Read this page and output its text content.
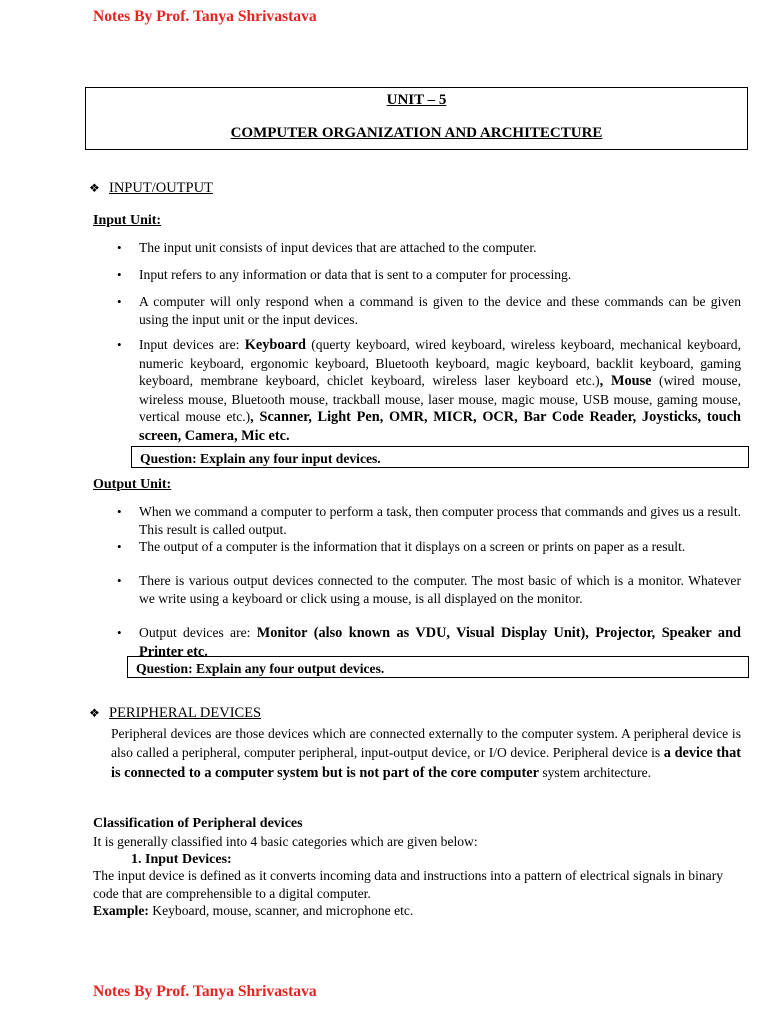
Notes By Prof. Tanya Shrivastava
UNIT – 5
COMPUTER ORGANIZATION AND ARCHITECTURE
❖ INPUT/OUTPUT
Input Unit:
• The input unit consists of input devices that are attached to the computer.
• Input refers to any information or data that is sent to a computer for processing.
• A computer will only respond when a command is given to the device and these commands can be given using the input unit or the input devices.
• Input devices are: Keyboard (querty keyboard, wired keyboard, wireless keyboard, mechanical keyboard, numeric keyboard, ergonomic keyboard, Bluetooth keyboard, magic keyboard, backlit keyboard, gaming keyboard, membrane keyboard, chiclet keyboard, wireless laser keyboard etc.), Mouse (wired mouse, wireless mouse, Bluetooth mouse, trackball mouse, laser mouse, magic mouse, USB mouse, gaming mouse, vertical mouse etc.), Scanner, Light Pen, OMR, MICR, OCR, Bar Code Reader, Joysticks, touch screen, Camera, Mic etc.
Question: Explain any four input devices.
Output Unit:
• When we command a computer to perform a task, then computer process that commands and gives us a result. This result is called output.
• The output of a computer is the information that it displays on a screen or prints on paper as a result.
• There is various output devices connected to the computer. The most basic of which is a monitor. Whatever we write using a keyboard or click using a mouse, is all displayed on the monitor.
• Output devices are: Monitor (also known as VDU, Visual Display Unit), Projector, Speaker and Printer etc.
Question: Explain any four output devices.
❖ PERIPHERAL DEVICES
Peripheral devices are those devices which are connected externally to the computer system. A peripheral device is also called a peripheral, computer peripheral, input-output device, or I/O device. Peripheral device is a device that is connected to a computer system but is not part of the core computer system architecture.
Classification of Peripheral devices
It is generally classified into 4 basic categories which are given below:
1. Input Devices:
The input device is defined as it converts incoming data and instructions into a pattern of electrical signals in binary code that are comprehensible to a digital computer.
Example: Keyboard, mouse, scanner, and microphone etc.
Notes By Prof. Tanya Shrivastava
